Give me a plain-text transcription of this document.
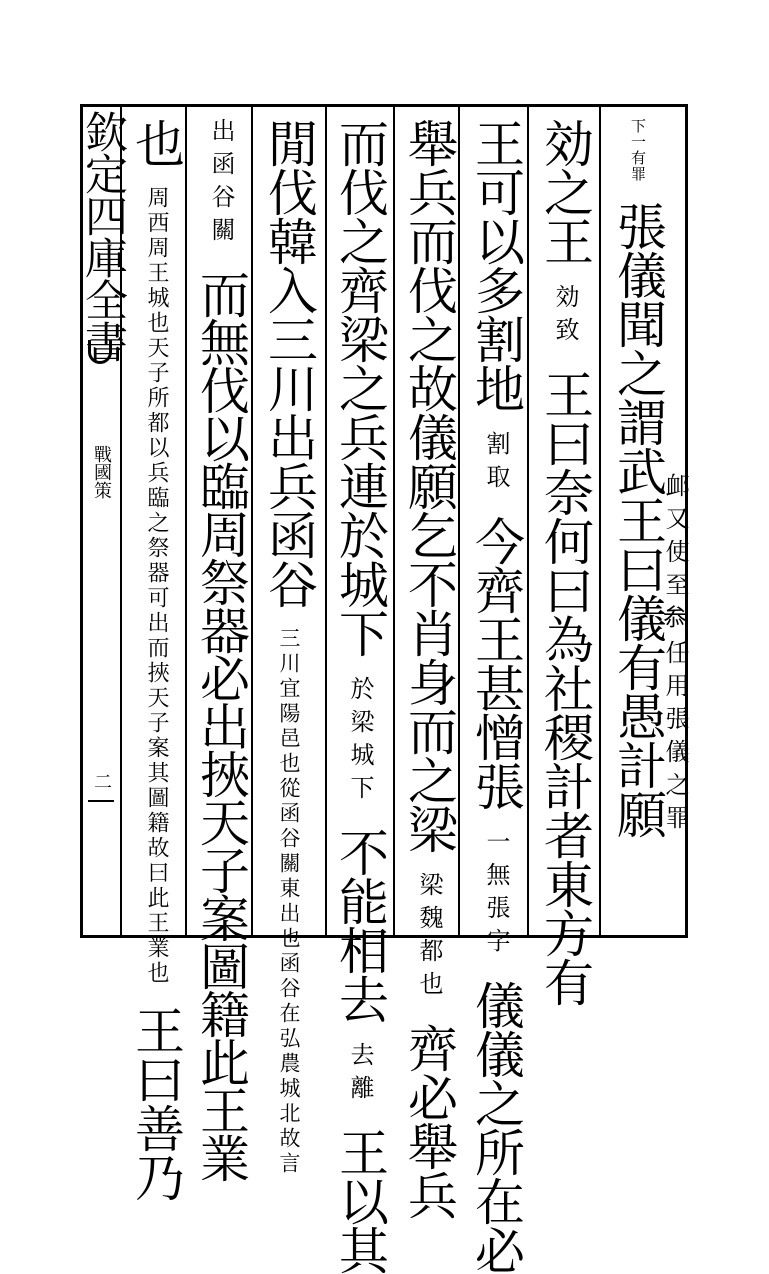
欽定四庫全書
戰國策
二	任用張儀之罪
䘏又使至𠫵
下一有罪 張儀聞之謂武王曰儀有愚計願
効之王 効致 王曰奈何曰為社稷計者東方有
王可以多割地 割取 今齊王甚憎張 一無張字 儀儀之所在必
舉兵而伐之故儀願乞不肖身而之梁 梁魏都也 齊必舉兵
而伐之齊梁之兵連於城下 於梁城下 不能相去 去離 王以其
閒伐韓入三川出兵函谷 三川宜陽邑也從函谷關東出也函谷在弘農城北故言
出函谷關 而無伐以臨周祭器必出挾天子案圖籍此王業
也 周西周王城也天子所都以兵臨之祭器可出而挾天子案其圖籍故曰此王業也 王曰善乃
